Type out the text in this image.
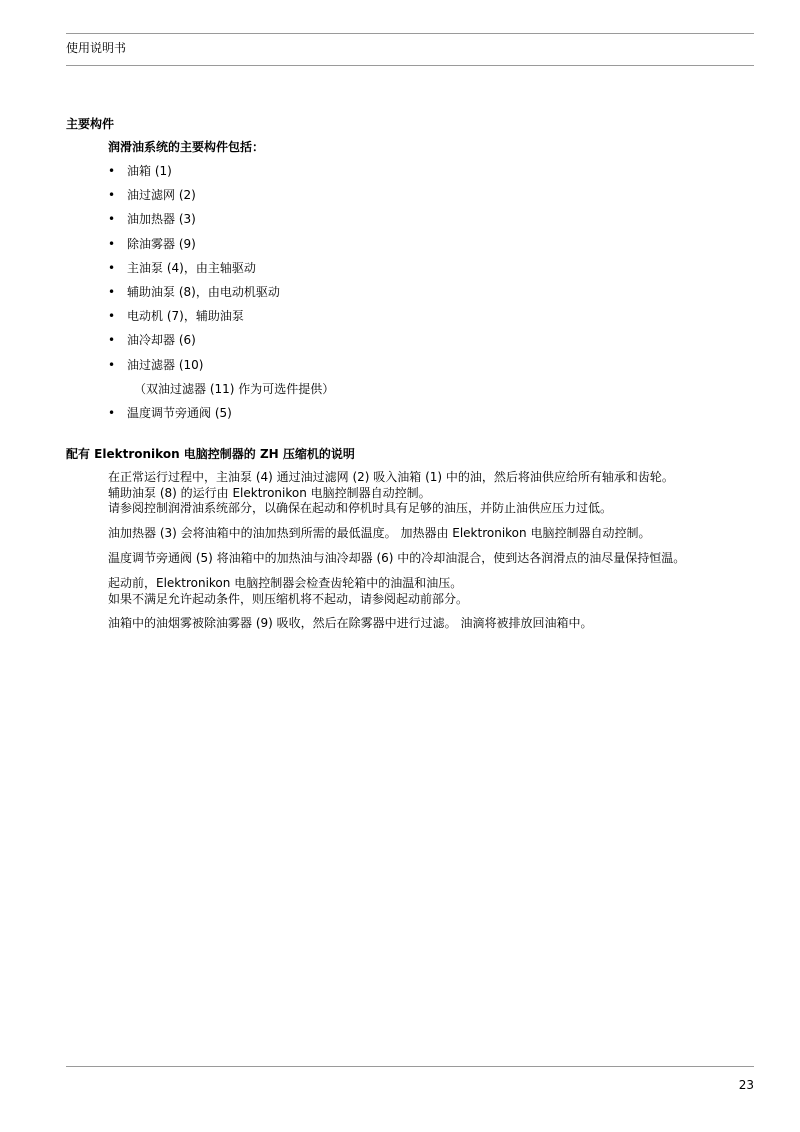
使用说明书
主要构件
润滑油系统的主要构件包括：
• 油箱 (1)
• 油过滤网 (2)
• 油加热器 (3)
• 除油雾器 (9)
• 主油泵 (4)，由主轴驱动
• 辅助油泵 (8)，由电动机驱动
• 电动机 (7)，辅助油泵
• 油冷却器 (6)
• 油过滤器 (10)
（双油过滤器 (11) 作为可选件提供）
• 温度调节旁通阀 (5)
配有 Elektronikon 电脑控制器的 ZH 压缩机的说明
在正常运行过程中，主油泵 (4) 通过油过滤网 (2) 吸入油箱 (1) 中的油，然后将油供应给所有轴承和齿轮。
辅助油泵 (8) 的运行由 Elektronikon 电脑控制器自动控制。
请参阅控制润滑油系统部分，以确保在起动和停机时具有足够的油压，并防止油供应压力过低。
油加热器 (3) 会将油箱中的油加热到所需的最低温度。 加热器由 Elektronikon 电脑控制器自动控制。
温度调节旁通阀 (5) 将油箱中的加热油与油冷却器 (6) 中的冷却油混合，使到达各润滑点的油尽量保持恒温。
起动前，Elektronikon 电脑控制器会检查齿轮箱中的油温和油压。
如果不满足允许起动条件，则压缩机将不起动，请参阅起动前部分。
油箱中的油烟雾被除油雾器 (9) 吸收，然后在除雾器中进行过滤。 油滴将被排放回油箱中。
23
